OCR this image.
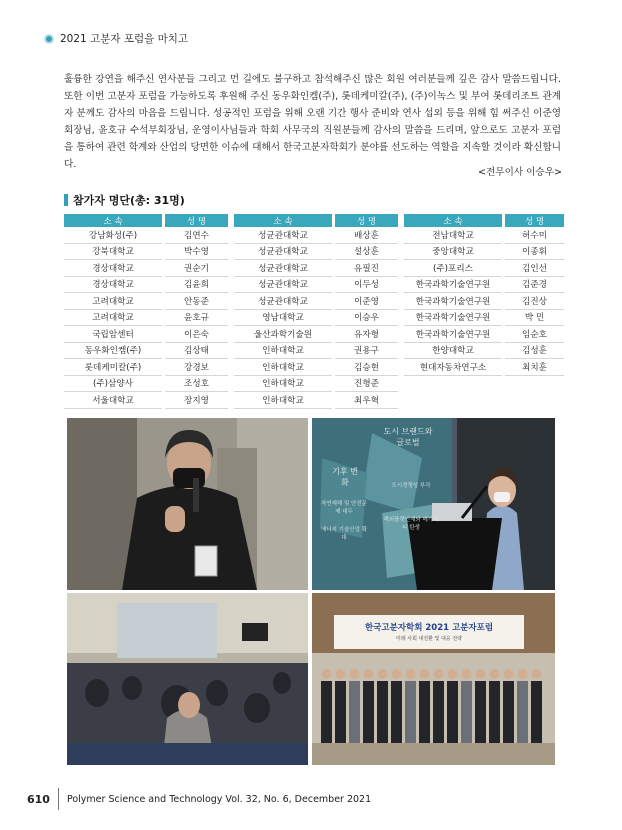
2021 고분자 포럼을 마치고

훌륭한 강연을 해주신 연사분들 그리고 먼 길에도 불구하고 참석해주신 많은 회원 여러분들께 깊은 감사 말씀드립니다. 또한 이번 고분자 포럼을 가능하도록 후원해 주신 동우화인켐(주), 롯데케미칼(주), (주)이녹스 및 부여 롯데리조트 관계자 분께도 감사의 마음을 드립니다. 성공적인 포럼을 위해 오랜 기간 행사 준비와 연사 섭외 등을 위해 힘 써주신 이준영 회장님, 윤호규 수석부회장님, 운영이사님들과 학회 사무국의 직원분들께 감사의 말씀을 드리며, 앞으로도 고분자 포럼을 통하여 관련 학계와 산업의 당면한 이슈에 대해서 한국고분자학회가 분야를 선도하는 역할을 지속할 것이라 확신합니다.

<전무이사 이승우>
참가자 명단(총: 31명)
소 속	성 명
강남화성(주)	김연수
강북대학교	박수영
경상대학교	권순기
경상대학교	김윤희
고려대학교	안동준
고려대학교	윤호규
국립암센터	이은숙
동우화인켐(주)	김상태
롯데케미칼(주)	강경보
(주)삼양사	조성호
서울대학교	장지영
소 속	성 명
성균관대학교	배상훈
성균관대학교	설상훈
성균관대학교	유필진
성균관대학교	이두성
성균관대학교	이준영
영남대학교	이승우
울산과학기술원	유자형
인하대학교	권용구
인하대학교	김승현
인하대학교	진형준
인하대학교	최우혁
소 속	성 명
전남대학교	허수미
중앙대학교	이종휘
(주)포리스	김인선
한국과학기술연구원	김준경
한국과학기술연구원	김진상
한국과학기술연구원	박 민
한국과학기술연구원	임순호
한양대학교	김성훈
현대자동차연구소	최치훈
도시 브랜드와 글로벌
기후 변화
자연재해 및 안전문제 대두
에너지 기술산업 확대
도시경쟁성 부각
해외플랫인재와 메가시티 탄생
한국고분자학회 2021 고분자포럼
미래 사회 대전환 및 대응 전략
610 Polymer Science and Technology Vol. 32, No. 6, December 2021
